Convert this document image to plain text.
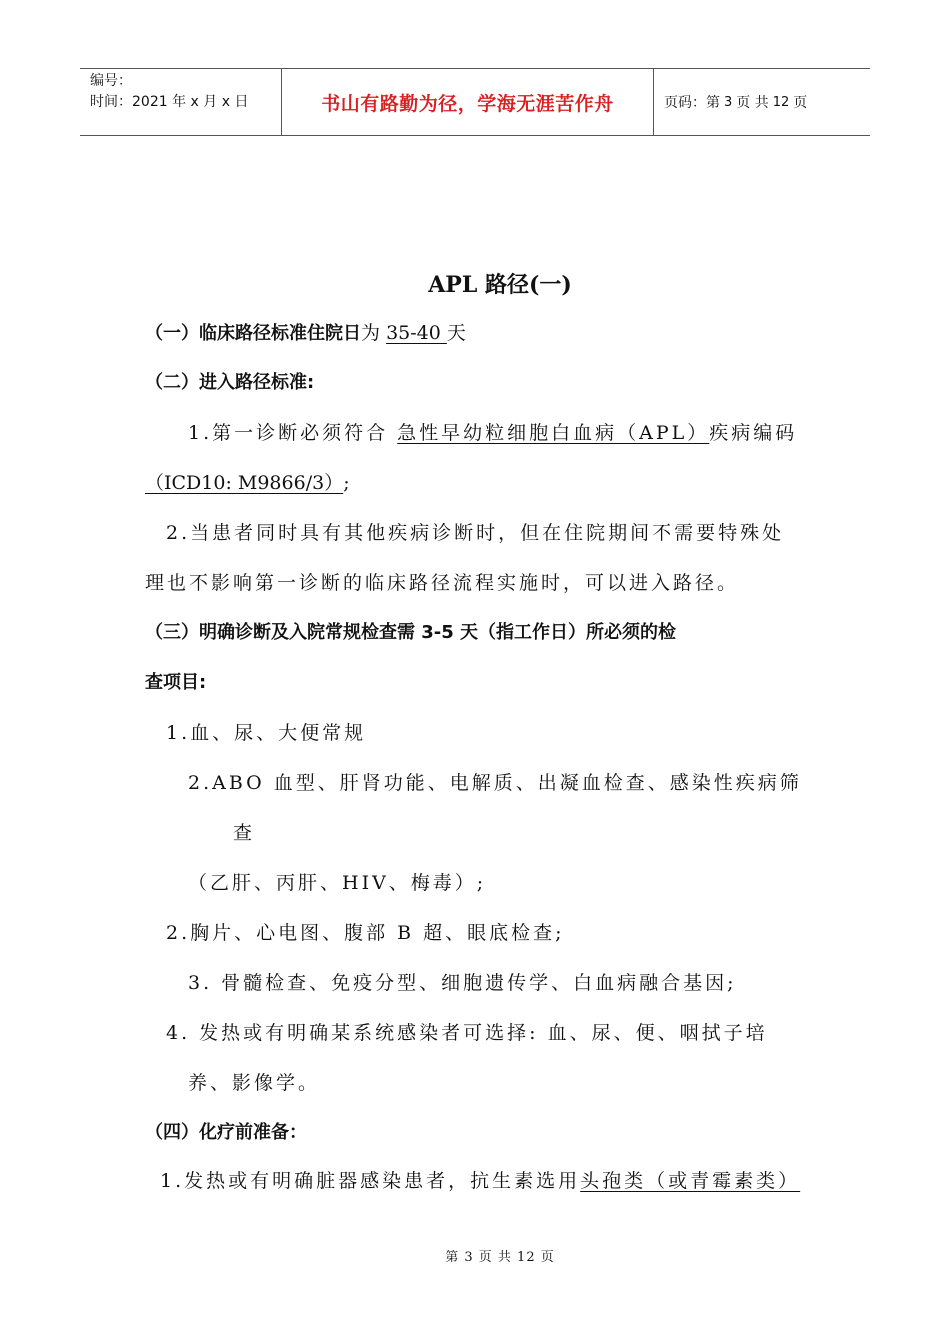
编号：
时间：2021 年 x 月 x 日	书山有路勤为径，学海无涯苦作舟	页码：第 3 页 共 12 页
APL 路径(一)
（一）临床路径标准住院日为 35-40 天
（二）进入路径标准:
1.第一诊断必须符合 急性早幼粒细胞白血病（APL）疾病编码
（ICD10: M9866/3）;
2.当患者同时具有其他疾病诊断时，但在住院期间不需要特殊处
理也不影响第一诊断的临床路径流程实施时，可以进入路径。
（三）明确诊断及入院常规检查需 3-5 天（指工作日）所必须的检
查项目:
1.血、尿、大便常规
2.ABO 血型、肝肾功能、电解质、出凝血检查、感染性疾病筛
查
（乙肝、丙肝、HIV、梅毒）;
2.胸片、心电图、腹部 B 超、眼底检查;
3. 骨髓检查、免疫分型、细胞遗传学、白血病融合基因;
4. 发热或有明确某系统感染者可选择: 血、尿、便、咽拭子培
养、影像学。
（四）化疗前准备：
1.发热或有明确脏器感染患者，抗生素选用头孢类（或青霉素类）
第 3 页 共 12 页
